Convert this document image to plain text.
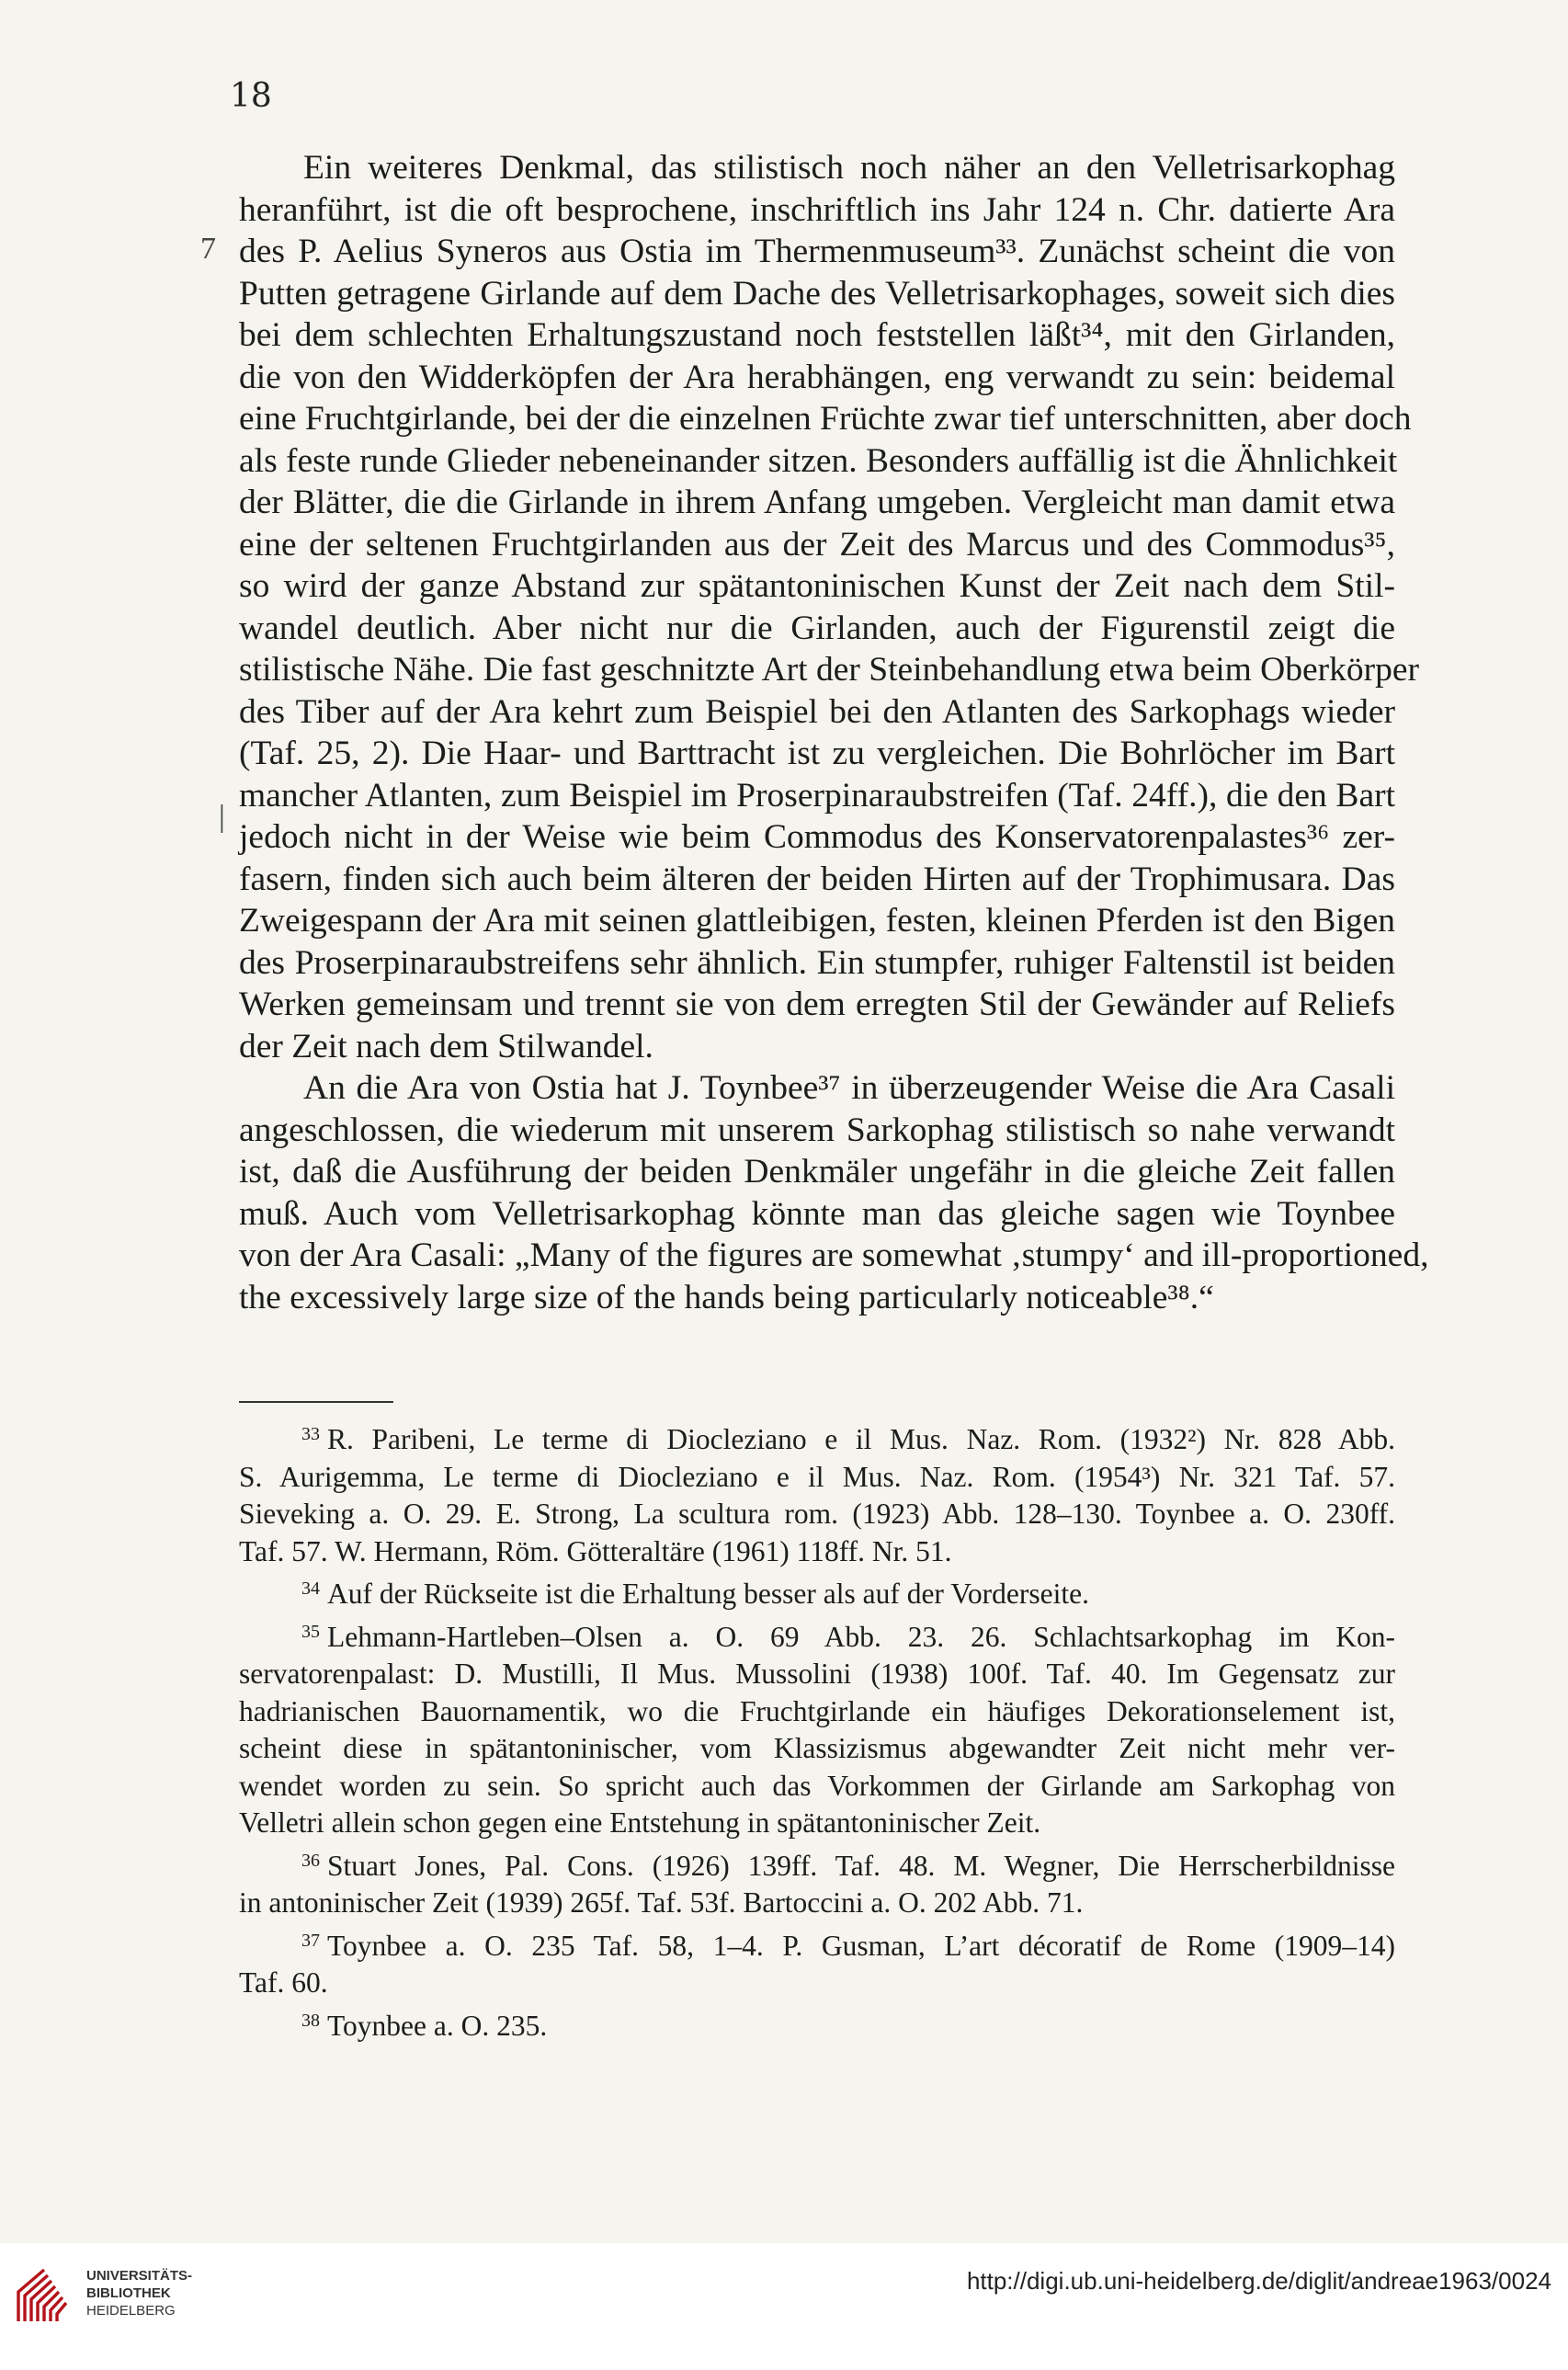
18
7
|
Ein weiteres Denkmal, das stilistisch noch näher an den Velletrisarkophag
heranführt, ist die oft besprochene, inschriftlich ins Jahr 124 n. Chr. datierte Ara
des P. Aelius Syneros aus Ostia im Thermenmuseum³³. Zunächst scheint die von
Putten getragene Girlande auf dem Dache des Velletrisarkophages, soweit sich dies
bei dem schlechten Erhaltungszustand noch feststellen läßt³⁴, mit den Girlanden,
die von den Widderköpfen der Ara herabhängen, eng verwandt zu sein: beidemal
eine Fruchtgirlande, bei der die einzelnen Früchte zwar tief unterschnitten, aber doch
als feste runde Glieder nebeneinander sitzen. Besonders auffällig ist die Ähnlichkeit
der Blätter, die die Girlande in ihrem Anfang umgeben. Vergleicht man damit etwa
eine der seltenen Fruchtgirlanden aus der Zeit des Marcus und des Commodus³⁵,
so wird der ganze Abstand zur spätantoninischen Kunst der Zeit nach dem Stil-
wandel deutlich. Aber nicht nur die Girlanden, auch der Figurenstil zeigt die
stilistische Nähe. Die fast geschnitzte Art der Steinbehandlung etwa beim Oberkörper
des Tiber auf der Ara kehrt zum Beispiel bei den Atlanten des Sarkophags wieder
(Taf. 25, 2). Die Haar- und Barttracht ist zu vergleichen. Die Bohrlöcher im Bart
mancher Atlanten, zum Beispiel im Proserpinaraubstreifen (Taf. 24ff.), die den Bart
jedoch nicht in der Weise wie beim Commodus des Konservatorenpalastes³⁶ zer-
fasern, finden sich auch beim älteren der beiden Hirten auf der Trophimusara. Das
Zweigespann der Ara mit seinen glattleibigen, festen, kleinen Pferden ist den Bigen
des Proserpinaraubstreifens sehr ähnlich. Ein stumpfer, ruhiger Faltenstil ist beiden
Werken gemeinsam und trennt sie von dem erregten Stil der Gewänder auf Reliefs
der Zeit nach dem Stilwandel.
An die Ara von Ostia hat J. Toynbee³⁷ in überzeugender Weise die Ara Casali
angeschlossen, die wiederum mit unserem Sarkophag stilistisch so nahe verwandt
ist, daß die Ausführung der beiden Denkmäler ungefähr in die gleiche Zeit fallen
muß. Auch vom Velletrisarkophag könnte man das gleiche sagen wie Toynbee
von der Ara Casali: „Many of the figures are somewhat ‚stumpy‘ and ill-proportioned,
the excessively large size of the hands being particularly noticeable³⁸.“
$^{33}$ R. Paribeni, Le terme di Diocleziano e il Mus. Naz. Rom. (1932²) Nr. 828 Abb.
S. Aurigemma, Le terme di Diocleziano e il Mus. Naz. Rom. (1954³) Nr. 321 Taf. 57.
Sieveking a. O. 29. E. Strong, La scultura rom. (1923) Abb. 128–130. Toynbee a. O. 230ff.
Taf. 57. W. Hermann, Röm. Götteraltäre (1961) 118ff. Nr. 51.
$^{34}$ Auf der Rückseite ist die Erhaltung besser als auf der Vorderseite.
$^{35}$ Lehmann-Hartleben–Olsen a. O. 69 Abb. 23. 26. Schlachtsarkophag im Kon-
servatorenpalast: D. Mustilli, Il Mus. Mussolini (1938) 100f. Taf. 40. Im Gegensatz zur
hadrianischen Bauornamentik, wo die Fruchtgirlande ein häufiges Dekorationselement ist,
scheint diese in spätantoninischer, vom Klassizismus abgewandter Zeit nicht mehr ver-
wendet worden zu sein. So spricht auch das Vorkommen der Girlande am Sarkophag von
Velletri allein schon gegen eine Entstehung in spätantoninischer Zeit.
$^{36}$ Stuart Jones, Pal. Cons. (1926) 139ff. Taf. 48. M. Wegner, Die Herrscherbildnisse
in antoninischer Zeit (1939) 265f. Taf. 53f. Bartoccini a. O. 202 Abb. 71.
$^{37}$ Toynbee a. O. 235 Taf. 58, 1–4. P. Gusman, L’art décoratif de Rome (1909–14)
Taf. 60.
$^{38}$ Toynbee a. O. 235.
UNIVERSITÄTS-
BIBLIOTHEK
HEIDELBERG
http://digi.ub.uni-heidelberg.de/diglit/andreae1963/0024
